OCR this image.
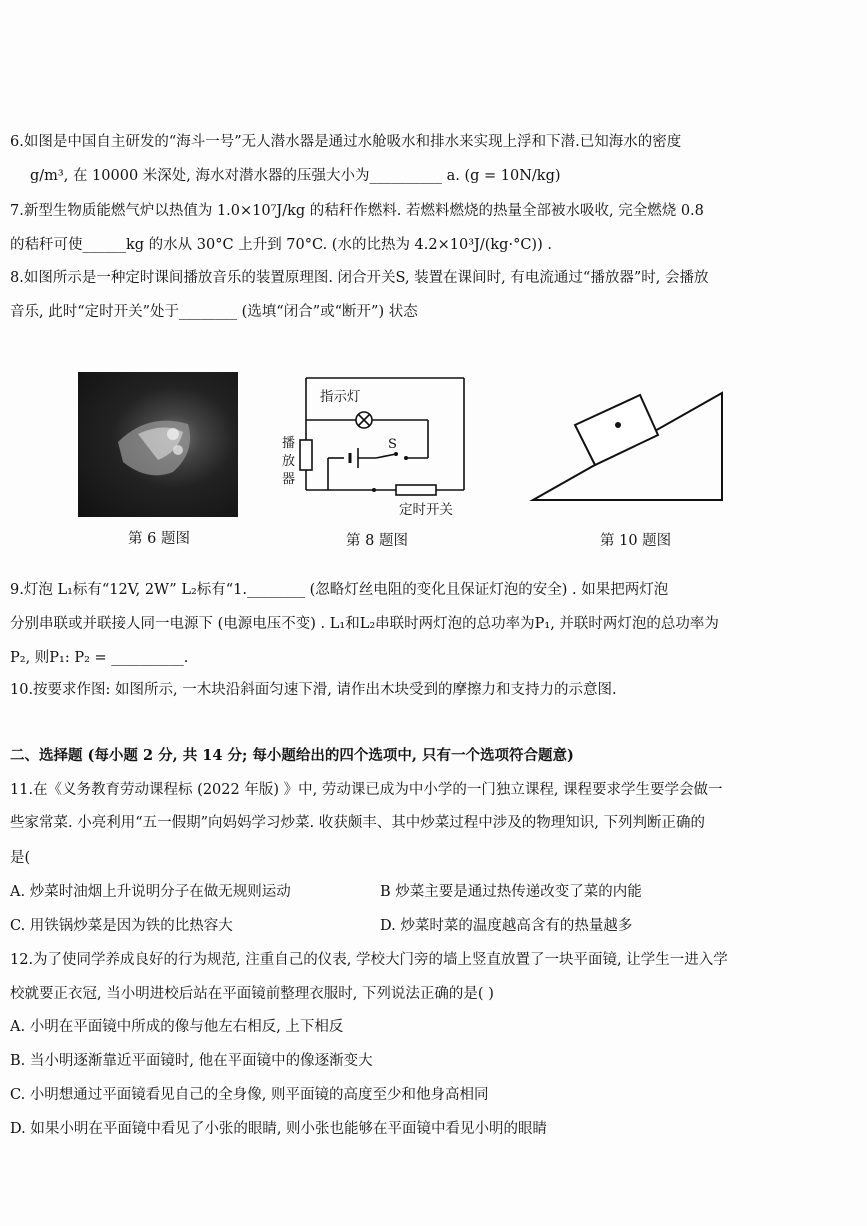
6.如图是中国自主研发的“海斗一号”无人潜水器是通过水舱吸水和排水来实现上浮和下潜.已知海水的密度
g/m³, 在 10000 米深处, 海水对潜水器的压强大小为__________ a. (g = 10N/kg)
7.新型生物质能燃气炉以热值为 1.0×10⁷J/kg 的秸秆作燃料. 若燃料燃烧的热量全部被水吸收, 完全燃烧 0.8
的秸秆可使______kg 的水从 30°C 上升到 70°C. (水的比热为 4.2×10³J/(kg·°C)) .
8.如图所示是一种定时课间播放音乐的装置原理图. 闭合开关S, 装置在课间时, 有电流通过“播放器”时, 会播放
音乐, 此时“定时开关”处于________ (选填“闭合”或“断开”) 状态
第 6 题图
指示灯
S
播
放
器
定时开关
第 8 题图	第 10 题图
9.灯泡 L₁标有“12V, 2W” L₂标有“1.________ (忽略灯丝电阻的变化且保证灯泡的安全) . 如果把两灯泡
分别串联或并联接人同一电源下 (电源电压不变) . L₁和L₂串联时两灯泡的总功率为P₁, 并联时两灯泡的总功率为
P₂, 则P₁: P₂ = __________.
10.按要求作图: 如图所示, 一木块沿斜面匀速下滑, 请作出木块受到的摩擦力和支持力的示意图.
二、选择题 (每小题 2 分, 共 14 分; 每小题给出的四个选项中, 只有一个选项符合题意)
11.在《义务教育劳动课程标 (2022 年版) 》中, 劳动课已成为中小学的一门独立课程, 课程要求学生要学会做一
些家常菜. 小亮利用“五一假期”向妈妈学习炒菜. 收获颇丰、其中炒菜过程中涉及的物理知识, 下列判断正确的
是(
A. 炒菜时油烟上升说明分子在做无规则运动	B 炒菜主要是通过热传递改变了菜的内能
C. 用铁锅炒菜是因为铁的比热容大	D. 炒菜时菜的温度越高含有的热量越多
12.为了使同学养成良好的行为规范, 注重自己的仪表, 学校大门旁的墙上竖直放置了一块平面镜, 让学生一进入学
校就要正衣冠, 当小明进校后站在平面镜前整理衣服时, 下列说法正确的是( )
A. 小明在平面镜中所成的像与他左右相反, 上下相反
B. 当小明逐渐靠近平面镜时, 他在平面镜中的像逐渐变大
C. 小明想通过平面镜看见自己的全身像, 则平面镜的高度至少和他身高相同
D. 如果小明在平面镜中看见了小张的眼睛, 则小张也能够在平面镜中看见小明的眼睛
